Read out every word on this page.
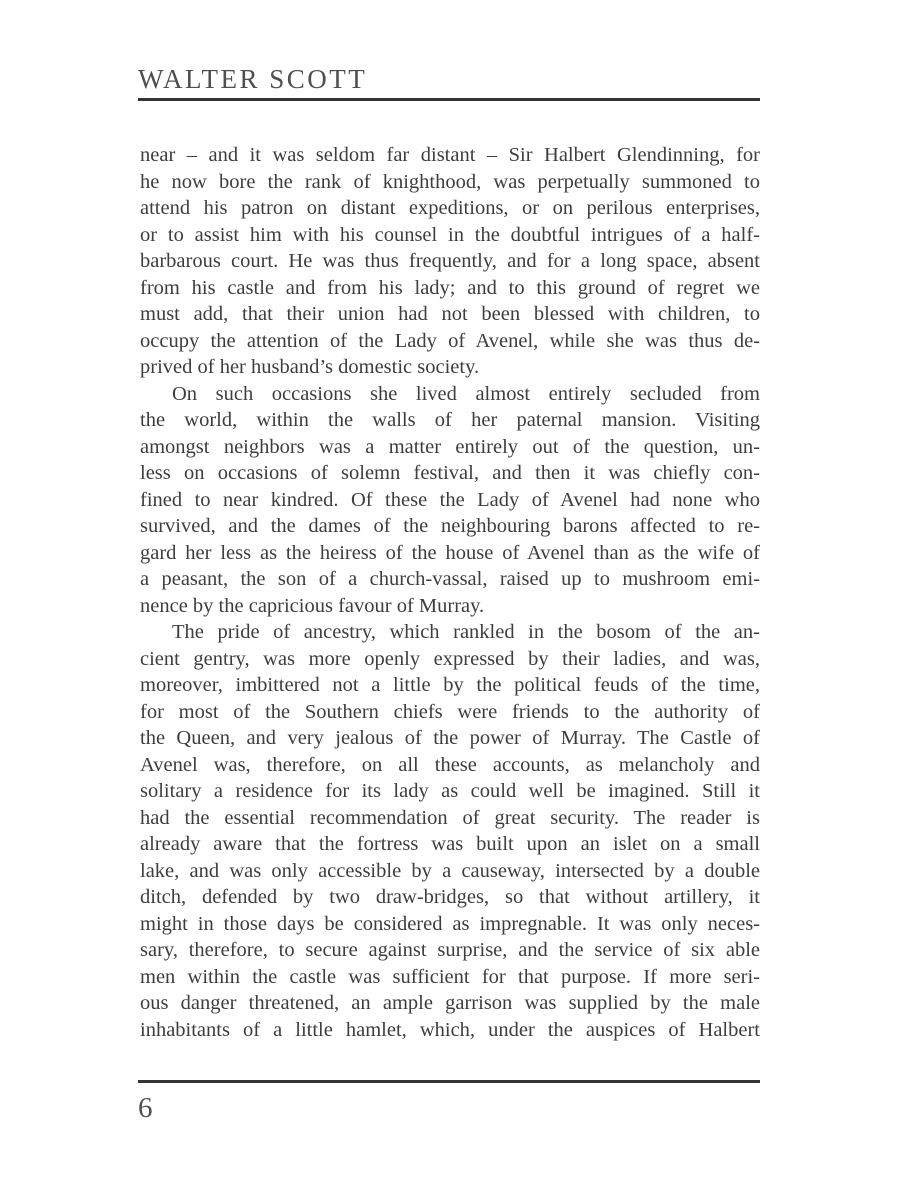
WALTER SCOTT
near – and it was seldom far distant – Sir Halbert Glendinning, for
he now bore the rank of knighthood, was perpetually summoned to
attend his patron on distant expeditions, or on perilous enterprises,
or to assist him with his counsel in the doubtful intrigues of a half-
barbarous court. He was thus frequently, and for a long space, absent
from his castle and from his lady; and to this ground of regret we
must add, that their union had not been blessed with children, to
occupy the attention of the Lady of Avenel, while she was thus de-
prived of her husband’s domestic society.
On such occasions she lived almost entirely secluded from
the world, within the walls of her paternal mansion. Visiting
amongst neighbors was a matter entirely out of the question, un-
less on occasions of solemn festival, and then it was chiefly con-
fined to near kindred. Of these the Lady of Avenel had none who
survived, and the dames of the neighbouring barons affected to re-
gard her less as the heiress of the house of Avenel than as the wife of
a peasant, the son of a church-vassal, raised up to mushroom emi-
nence by the capricious favour of Murray.
The pride of ancestry, which rankled in the bosom of the an-
cient gentry, was more openly expressed by their ladies, and was,
moreover, imbittered not a little by the political feuds of the time,
for most of the Southern chiefs were friends to the authority of
the Queen, and very jealous of the power of Murray. The Castle of
Avenel was, therefore, on all these accounts, as melancholy and
solitary a residence for its lady as could well be imagined. Still it
had the essential recommendation of great security. The reader is
already aware that the fortress was built upon an islet on a small
lake, and was only accessible by a causeway, intersected by a double
ditch, defended by two draw-bridges, so that without artillery, it
might in those days be considered as impregnable. It was only neces-
sary, therefore, to secure against surprise, and the service of six able
men within the castle was sufficient for that purpose. If more seri-
ous danger threatened, an ample garrison was supplied by the male
inhabitants of a little hamlet, which, under the auspices of Halbert
6
